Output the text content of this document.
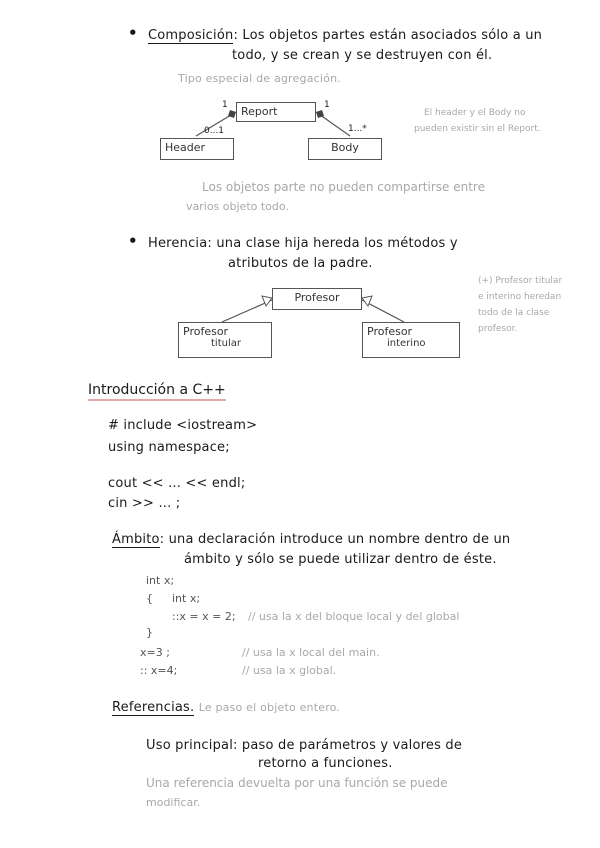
• Composición: Los objetos partes están asociados sólo a un
todo, y se crean y se destruyen con él.
Tipo especial de agregación.
Report
Header	Body
1	1
0...1	1...*
El header y el Body no
pueden existir sin el Report.
Los objetos parte no pueden compartirse entre
varios objeto todo.
• Herencia: una clase hija hereda los métodos y
atributos de la padre.
Profesor
Profesor
titular
Profesor
interino
(+) Profesor titular
e interino heredan
todo de la clase
profesor.
Introducción a C++
# include <iostream>
using namespace;
cout << ... << endl;
cin >> ... ;
Ámbito: una declaración introduce un nombre dentro de un
ámbito y sólo se puede utilizar dentro de éste.
int x;
{ int x;
::x = x = 2; // usa la x del bloque local y del global
}
x=3 ;	// usa la x local del main.
:: x=4;	// usa la x global.
Referencias. Le paso el objeto entero.
Uso principal: paso de parámetros y valores de
retorno a funciones.
Una referencia devuelta por una función se puede
modificar.
